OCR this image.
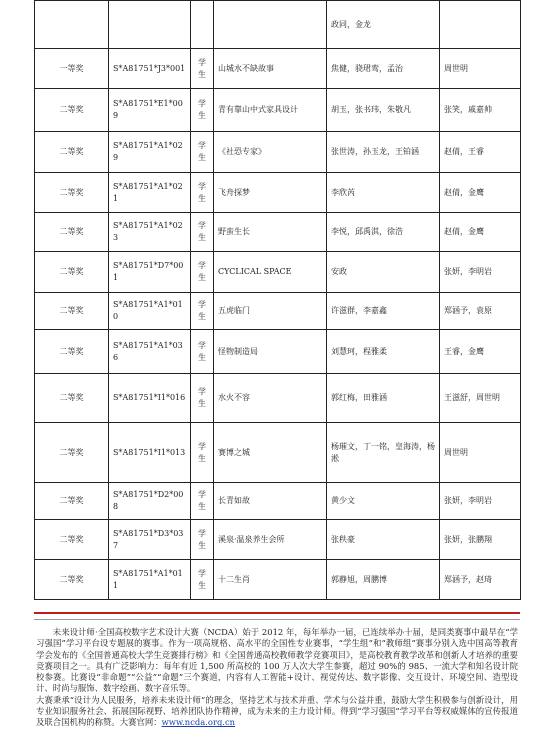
				政同，金龙	
一等奖	S*A81751*J3*001	学生	山城水不缺故事	焦健，骁珺鸾，孟治	周世明
二等奖	S*A81751*E1*009	学生	青有靠山中式家具设计	胡玉，张书玮，朱敬凡	张笑，戚嘉帅
二等奖	S*A81751*A1*029	学生	《社恐专家》	张世涛，孙玉龙，王铂涵	赵倩，王睿
二等奖	S*A81751*A1*021	学生	飞舟探梦	李欣芮	赵倩，金鹰
二等奖	S*A81751*A1*023	学生	野蛮生长	李悦，邱禹淇，徐浩	赵倩，金鹰
二等奖	S*A81751*D7*001	学生	CYCLICAL SPACE	安政	张妍，李明岩
二等奖	S*A81751*A1*010	学生	五虎临门	许滋群，李嘉鑫	郑涵予，袁原
二等奖	S*A81751*A1*036	学生	怪物制造局	刘慧珂，程雅柔	王睿，金鹰
二等奖	S*A81751*I1*016	学生	水火不容	郭红梅，田雅涵	王滋舒，周世明
二等奖	S*A81751*I1*013	学生	赛博之城	杨璀文，丁一铭，皇海涛，杨淞	周世明
二等奖	S*A81751*D2*008	学生	长青如故	黄少文	张妍，李明岩
二等奖	S*A81751*D3*037	学生	溪泉·温泉养生会所	张秩豪	张妍，张鹏翔
二等奖	S*A81751*A1*011	学生	十二生肖	郭静旭，周鹏博	郑涵予，赵琦

未来设计师·全国高校数字艺术设计大赛（NCDA）始于 2012 年，每年举办一届，已连续举办十届，是同类赛事中最早在“学习强国”学习平台设专题展的赛事。作为一项高规格、高水平的全国性专业赛事，“学生组”和“教师组”赛事分别入选中国高等教育学会发布的《全国普通高校大学生竞赛排行榜》和《全国普通高校教师教学竞赛项目》，是高校教育教学改革和创新人才培养的重要竞赛项目之一。具有广泛影响力：每年有近 1,500 所高校的 100 万人次大学生参赛，超过 90%的 985、一流大学和知名设计院校参赛。比赛设“非命题”“公益”“命题”三个赛道，内容有人工智能+设计、视觉传达、数字影像、交互设计、环境空间、造型设计、时尚与服饰、数字绘画、数字音乐等。

大赛秉承“设计为人民服务，培养未来设计师”的理念，坚持艺术与技术并重、学术与公益并重，鼓励大学生积极参与创新设计，用专业知识服务社会、拓展国际视野、培养团队协作精神，成为未来的主力设计师。得到“学习强国”学习平台等权威媒体的宣传报道及联合国机构的称赞。大赛官网：www.ncda.org.cn
